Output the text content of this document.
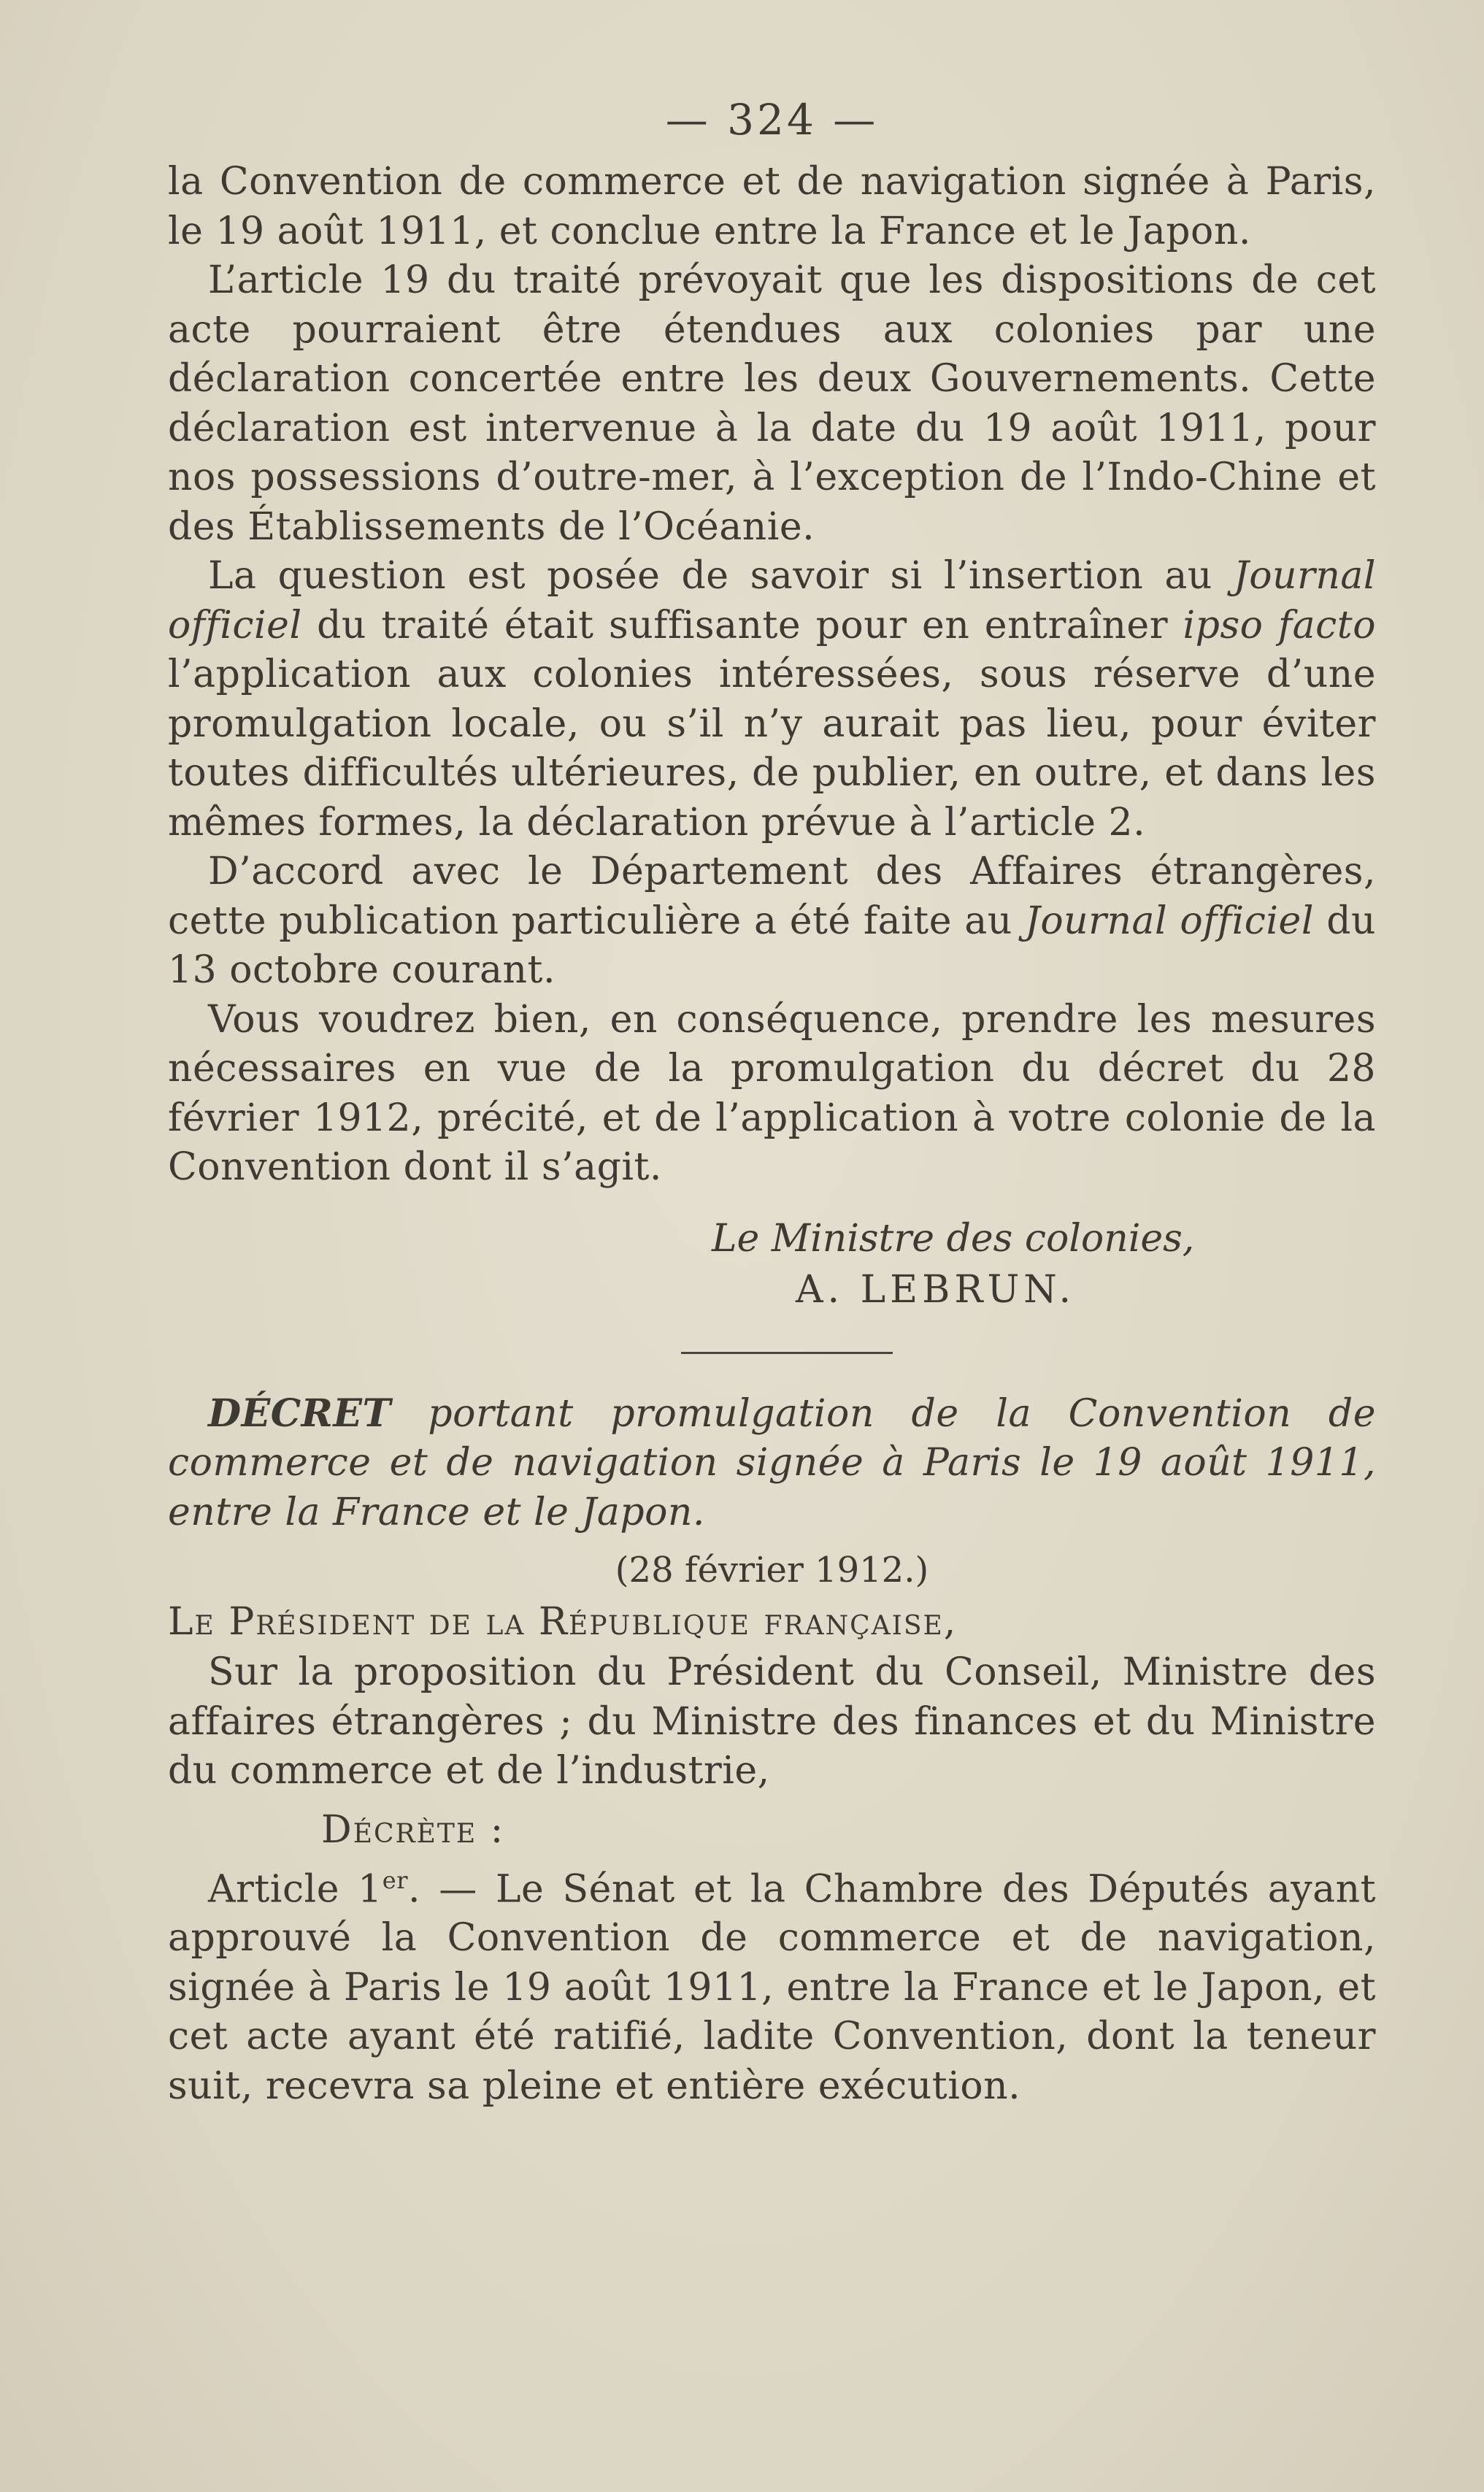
— 324 —

la Convention de commerce et de navigation signée à Paris, le 19 août 1911, et conclue entre la France et le Japon.

L’article 19 du traité prévoyait que les dispositions de cet acte pourraient être étendues aux colonies par une déclaration concertée entre les deux Gouvernements. Cette déclaration est intervenue à la date du 19 août 1911, pour nos possessions d’outre-mer, à l’exception de l’Indo-Chine et des Établissements de l’Océanie.

La question est posée de savoir si l’insertion au Journal officiel du traité était suffisante pour en entraîner ipso facto l’application aux colonies intéressées, sous réserve d’une promulgation locale, ou s’il n’y aurait pas lieu, pour éviter toutes difficultés ultérieures, de publier, en outre, et dans les mêmes formes, la déclaration prévue à l’article 2.

D’accord avec le Département des Affaires étrangères, cette publication particulière a été faite au Journal officiel du 13 octobre courant.

Vous voudrez bien, en conséquence, prendre les mesures nécessaires en vue de la promulgation du décret du 28 février 1912, précité, et de l’application à votre colonie de la Convention dont il s’agit.

Le Ministre des colonies,
A. LEBRUN.

DÉCRET portant promulgation de la Convention de commerce et de navigation signée à Paris le 19 août 1911, entre la France et le Japon.

(28 février 1912.)
Le Président de la République française,

Sur la proposition du Président du Conseil, Ministre des affaires étrangères ; du Ministre des finances et du Ministre du commerce et de l’industrie,

Décrète :

Article 1er. — Le Sénat et la Chambre des Députés ayant approuvé la Convention de commerce et de navigation, signée à Paris le 19 août 1911, entre la France et le Japon, et cet acte ayant été ratifié, ladite Convention, dont la teneur suit, recevra sa pleine et entière exécution.
